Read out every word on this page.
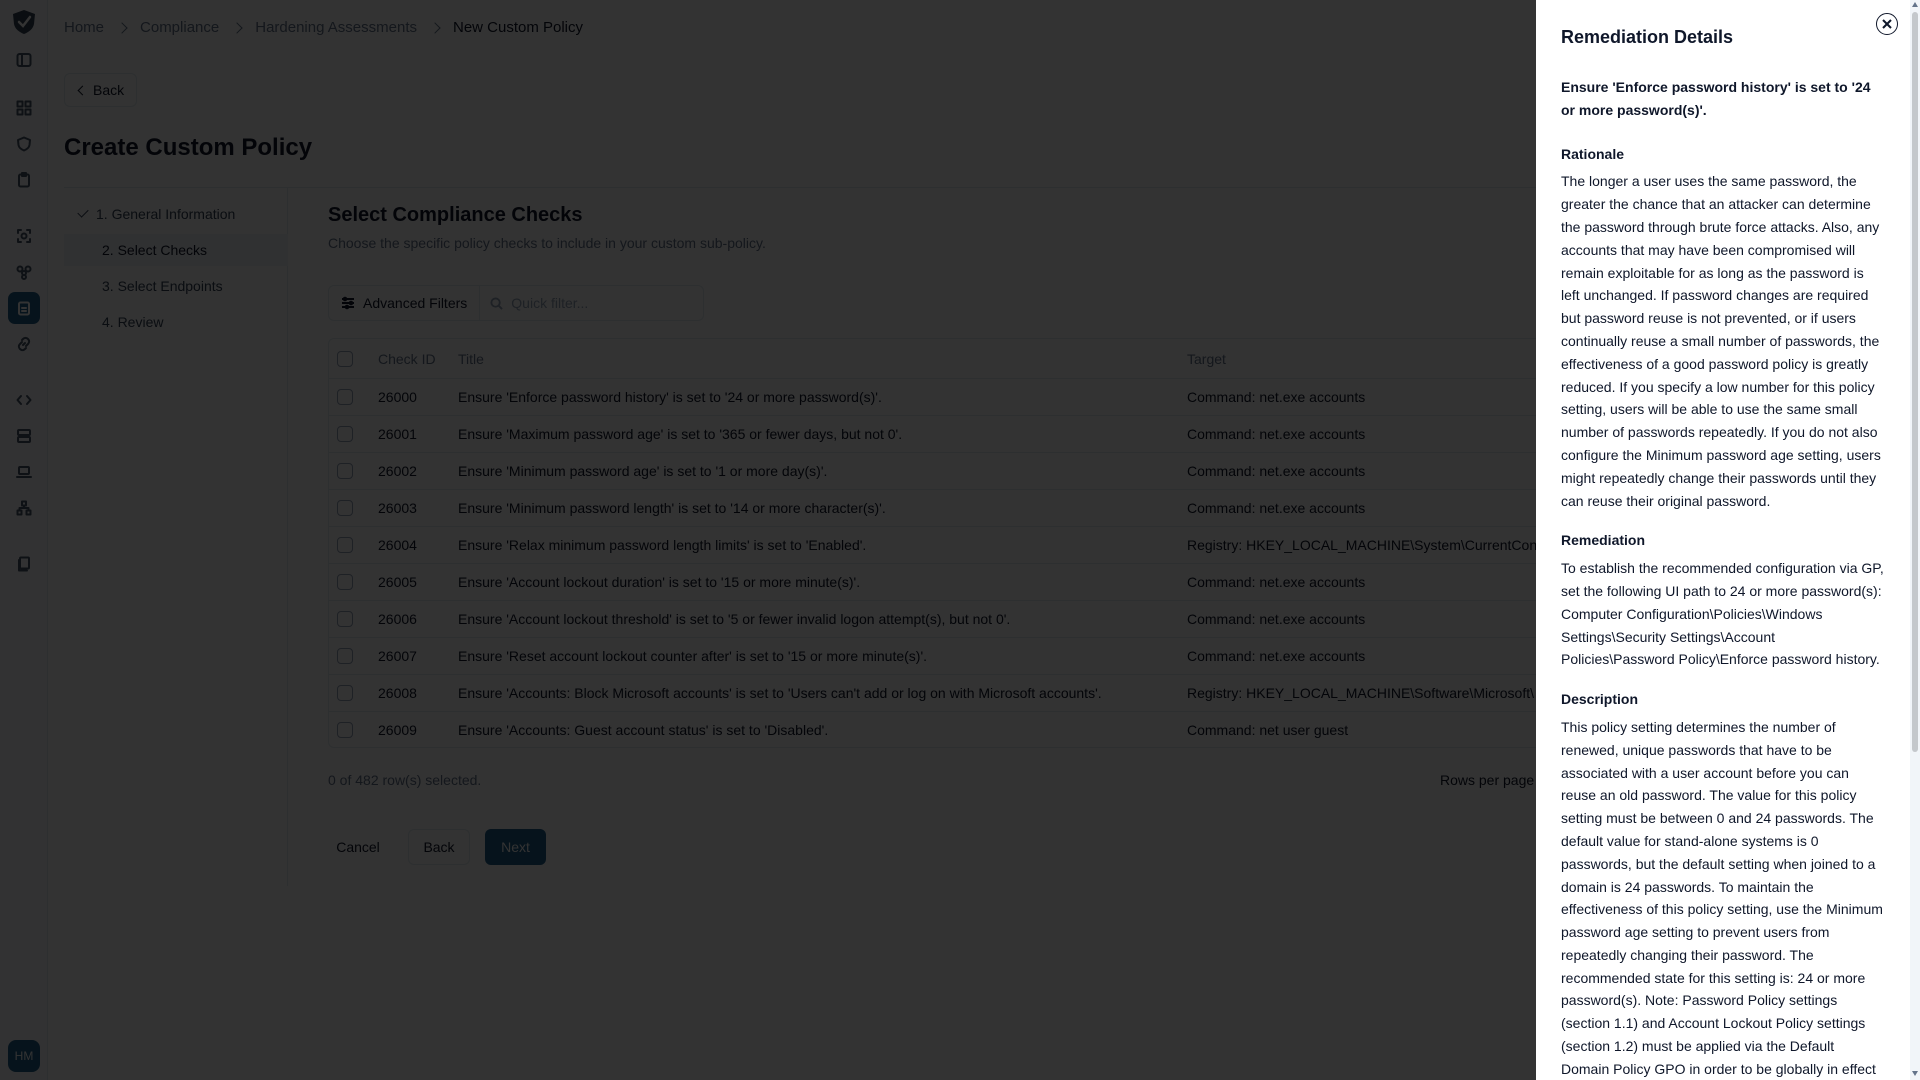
Remediation Details

Ensure 'Enforce password history' is set to '24 or more password(s)'.

Rationale

The longer a user uses the same password, the greater the chance that an attacker can determine the password through brute force attacks. Also, any accounts that may have been compromised will remain exploitable for as long as the password is left unchanged. If password changes are required but password reuse is not prevented, or if users continually reuse a small number of passwords, the effectiveness of a good password policy is greatly reduced. If you specify a low number for this policy setting, users will be able to use the same small number of passwords repeatedly. If you do not also configure the Minimum password age setting, users might repeatedly change their passwords until they can reuse their original password.

Remediation

To establish the recommended configuration via GP, set the following UI path to 24 or more password(s): Computer Configuration\Policies\Windows Settings\Security Settings\Account Policies\Password Policy\Enforce password history.

Description

This policy setting determines the number of renewed, unique passwords that have to be associated with a user account before you can reuse an old password. The value for this policy setting must be between 0 and 24 passwords. The default value for stand-alone systems is 0 passwords, but the default setting when joined to a domain is 24 passwords. To maintain the effectiveness of this policy setting, use the Minimum password age setting to prevent users from repeatedly changing their password. The recommended state for this setting is: 24 or more password(s). Note: Password Policy settings (section 1.1) and Account Lockout Policy settings (section 1.2) must be applied via the Default Domain Policy GPO in order to be globally in effect
